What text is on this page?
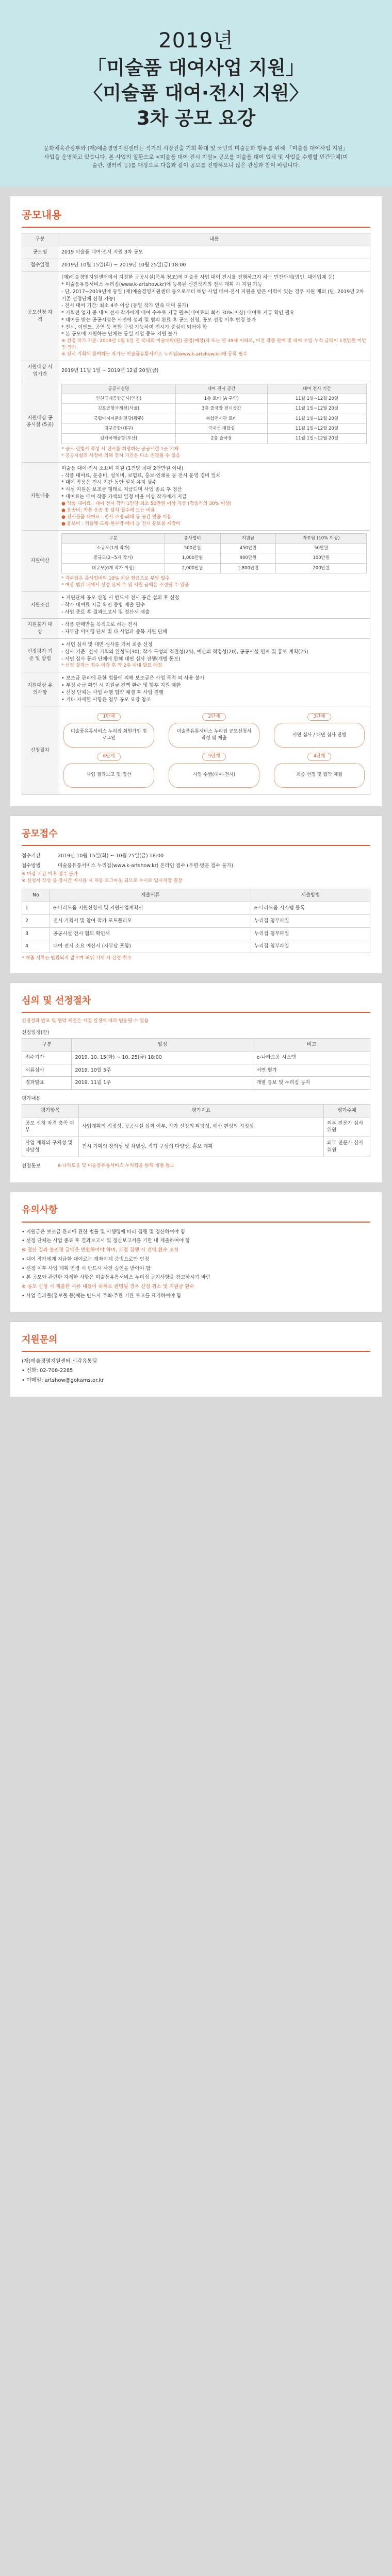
2019년
「미술품 대여사업 지원」
〈미술품 대여·전시 지원〉
3차 공모 요강
문화체육관광부와 (재)예술경영지원센터는 작가의 시장진출 기회 확대 및 국민의 미술문화 향유를 위해 「미술품 대여사업 지원」 사업을 운영하고 있습니다. 본 사업의 일환으로 <미술품 대여·전시 지원> 공모를 미술품 대여 업체 및 사업을 수행할 민간단체(미술관, 갤러리 등)를 대상으로 다음과 같이 공모를 진행하오니 많은 관심과 참여 바랍니다.
공모내용
구분	내용
공모명	2019 미술품 대여·전시 지원 3차 공모
접수일정	2019년 10월 15일(화) ~ 2019년 10월 25일(금) 18:00
공모신청 자격	
(재)예술경영지원센터에서 지정한 공공시설(목록 첨조)에 미술품 사업 대여 전시를 진행하고자 하는 민간단체(법인, 대여업체 등)
* 미술품유통서비스 누리집(www.k-artshow.kr)에 등록된 신진작가의 전시 계획 시 지원 가능
- 단, 2017~2019년에 동일 (재)예술경영지원센터 등으로부터 해당 사업 대여·전시 지원을 받은 이력이 있는 경우 지원 제외 (단, 2019년 2차 기존 선정단체 신청 가능)
- 전시 대여 기간: 최소 4주 이상 (동일 작가 연속 대여 불가)
* 기획전 업자 중 대여 전시 작가에게 대여 수수료 지급 필수(대여료의 최소 30% 이상) 대여료 지급 확인 필요
* 대여를 받는 공공시설은 사전에 섭외 및 협의 완료 후 공모 신청, 공모 선정 이후 변경 불가
* 전시, 이벤트, 공연 등 복합 구성 가능하며 전시가 중심이 되어야 함
* 본 공모에 지원하는 단체는 동일 사업 중복 지원 불가
※ 선정 작가 기준: 2019년 1월 1일 전 국내외 미술대학(원) 졸업(예정)자 또는 만 39세 이하로, 이전 작품 판매 및 대여 수입 누적 금액이 1천만원 미만인 작가
※ 전시 기획에 참여하는 작가는 미술품유통서비스 누리집(www.k-artshow.kr)에 등록 필수

지원대상 사업기간	2019년 11월 1일 ~ 2019년 12월 20일(금)
지원대상 공공시설 (5곳)	
공공시설명	대여 전시 공간	대여 전시 기간
인천국제공항공사(인천)	1층 로비 (A 구역)	11월 1일~12월 20일
김포공항국제선(서울)	3층 출국장 전시공간	11월 1일~12월 20일
국립아시아문화전당(광주)	복합전시관 로비	11월 1일~12월 20일
대구공항(대구)	국내선 대합실	11월 1일~12월 20일
김해국제공항(부산)	2층 출국장	11월 1일~12월 20일
* 공모 신청서 작성 시 전시를 희망하는 공공시설 1곳 기재
* 공공시설의 사정에 의해 전시 기간은 다소 변경될 수 있음

지원내용	
미술품 대여·전시 소요비 지원 (1건당 최대 2천만원 이내)
- 작품 대여료, 운송비, 설치비, 보험료, 홍보·인쇄물 등 전시 운영 경비 일체
* 대여 작품은 전시 기간 동안 설치 유지 필수
* 시설 지원은 보조금 형태로 지급되며 사업 종료 후 정산
* 대여료는 대여 작품 가액의 일정 비율 이상 작가에게 지급
● 작품 대여료 : 대여 전시 작가 1인당 최소 50만원 이상 지급 (작품가의 30% 이상)
● 운송비: 작품 운송 및 설치·철수에 드는 비용
● 전시물품 대여료 : 전시 조명·좌대 등 공간 연출 비용
● 홍보비 : 리플렛·도록·현수막·배너 등 전시 홍보물 제작비

지원예산	
구분	총사업비	지원금	자부담 (10% 이상)
소규모(1개 작가)	500만원	450만원	50만원
중규모(2~5개 작가)	1,000만원	900만원	100만원
대규모(6개 작가 이상)	2,000만원	1,800만원	200만원
* 자부담은 총사업비의 10% 이상 현금으로 부담 필수
* 예산 범위 내에서 선정 단체 수 및 지원 금액은 조정될 수 있음

지원조건	
• 지원단체 공모 신청 시 반드시 전시 공간 섭외 후 신청
- 작가 대여료 지급 확인 증빙 제출 필수
- 사업 종료 후 결과보고서 및 정산서 제출

지원불가 대상	
- 작품 판매만을 목적으로 하는 전시
- 자부담 미이행 단체 및 타 사업과 중복 지원 단체

선정평가 기준 및 방법	
• 서면 심사 및 대면 심사를 거쳐 최종 선정
- 심사 기준: 전시 기획의 완성도(30), 작가 구성의 적절성(25), 예산의 적정성(20), 공공시설 연계 및 홍보 계획(25)
- 서면 심사 통과 단체에 한해 대면 심사 진행(개별 통보)
* 선정 결과는 접수 마감 후 약 2주 이내 발표 예정

지원대상 유의사항	
• 보조금 관리에 관한 법률에 의해 보조금은 사업 목적 외 사용 불가
• 부정 수급 확인 시 지원금 전액 환수 및 향후 지원 제한
• 선정 단체는 사업 수행 협약 체결 후 사업 진행
• 기타 자세한 사항은 첨부 공모 요강 참조

신청절차	
1단계
미술품유통서비스 누리집 회원가입 및 로그인
2단계
미술품유통서비스 누리집 공모신청서 작성 및 제출
3단계
서면 심사 / 대면 심사 진행
6단계
사업 결과보고 및 정산
5단계
사업 수행(대여·전시)
4단계
최종 선정 및 협약 체결
공모접수
접수기간	2019년 10월 15일(화) ~ 10월 25일(금) 18:00
접수방법	미술품유통서비스 누리집(www.k-artshow.kr) 온라인 접수 (우편·방문 접수 불가)
※ 마감 시간 이후 접수 불가
※ 신청서 작성 중 장시간 미사용 시 자동 로그아웃 되므로 수시로 임시저장 권장
No	제출서류	제출방법
1	e-나라도움 지원신청서 및 지원사업계획서	e-나라도움 시스템 등록
2	전시 기획서 및 참여 작가 포트폴리오	누리집 첨부파일
3	공공시설 전시 협의 확인서	누리집 첨부파일
4	대여 전시 소요 예산서 (자부담 포함)	누리집 첨부파일
* 제출 서류는 반환되지 않으며 허위 기재 시 선정 취소
심의 및 선정절차
선정결과 발표 및 협약 체결은 사업 일정에 따라 변동될 수 있음
선정일정(안)
구분	일정	비고
접수기간	2019. 10. 15(화) ~ 10. 25(금) 18:00	e-나라도움 시스템
서류심사	2019. 10월 5주	서면 평가
결과발표	2019. 11월 1주	개별 통보 및 누리집 공지
평가내용
평가항목	평가지표	평가주체
공모 신청 자격 충족 여부	사업계획의 적정성, 공공시설 섭외 여부, 작가 선정의 타당성, 예산 편성의 적정성	외부 전문가 심사위원
사업 계획의 구체성 및 타당성	전시 기획의 창의성 및 차별성, 작가 구성의 다양성, 홍보 계획	외부 전문가 심사위원
선정통보	e-나라도움 및 미술품유통서비스 누리집을 통해 개별 통보
유의사항
• 지원금은 보조금 관리에 관한 법률 및 시행령에 따라 집행 및 정산하여야 함
• 선정 단체는 사업 종료 후 결과보고서 및 정산보고서를 기한 내 제출하여야 함
※ 정산 결과 불인정 금액은 반환하여야 하며, 부정 집행 시 전액 환수 조치
• 대여 작가에게 지급한 대여료는 계좌이체 증빙으로만 인정
• 선정 이후 사업 계획 변경 시 반드시 사전 승인을 받아야 함
• 본 공모와 관련한 자세한 사항은 미술품유통서비스 누리집 공지사항을 참고하시기 바람
※ 공모 신청 시 제출한 서류 내용이 허위로 판명될 경우 선정 취소 및 지원금 환수
• 사업 결과물(홍보물 등)에는 반드시 주최·주관 기관 로고를 표기하여야 함
지원문의
(재)예술경영지원센터 시각유통팀
• 전화: 02-708-2285
• 이메일: artshow@gokams.or.kr
